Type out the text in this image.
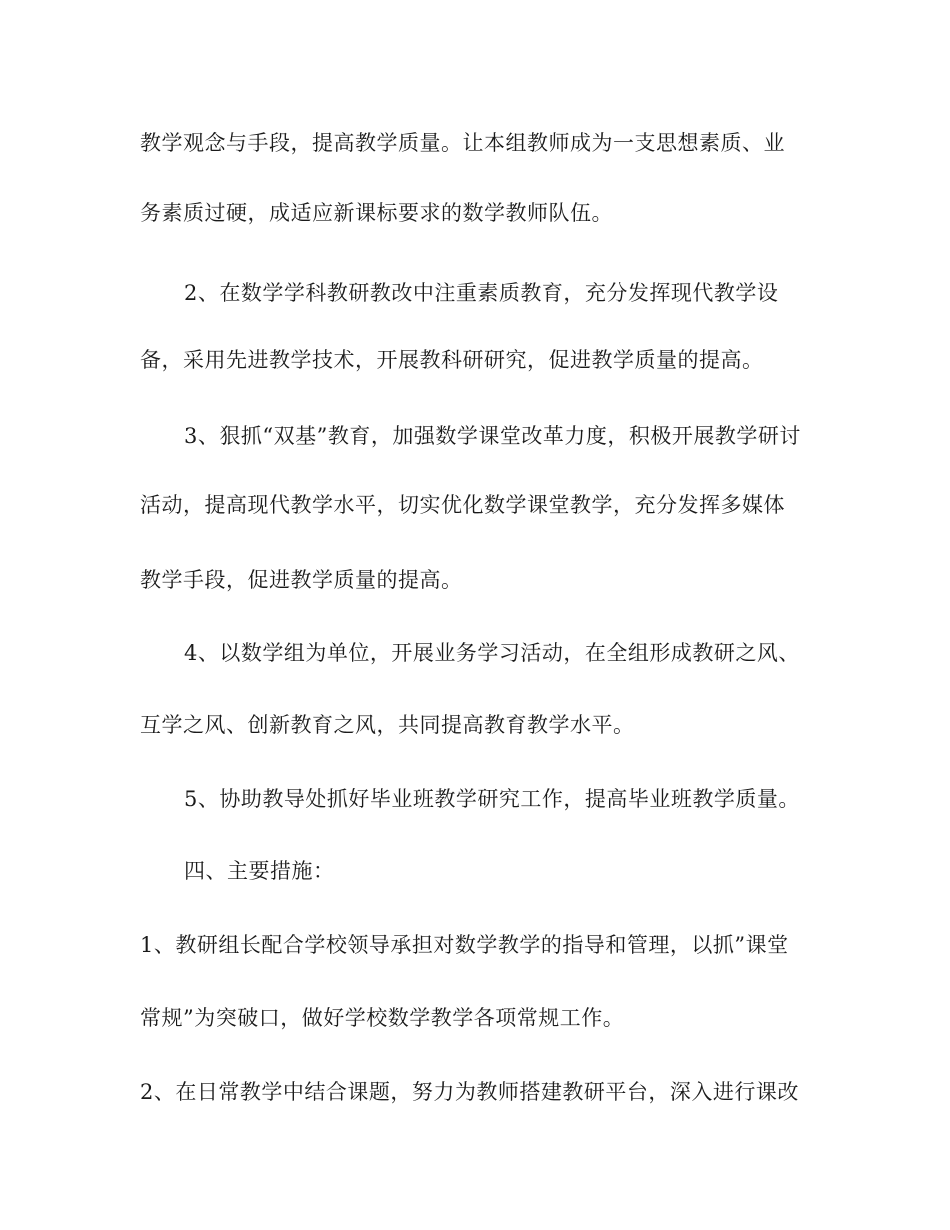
教学观念与手段，提高教学质量。让本组教师成为一支思想素质、业
务素质过硬，成适应新课标要求的数学教师队伍。
2、在数学学科教研教改中注重素质教育，充分发挥现代教学设
备，采用先进教学技术，开展教科研研究，促进教学质量的提高。
3、狠抓“双基”教育，加强数学课堂改革力度，积极开展教学研讨
活动，提高现代教学水平，切实优化数学课堂教学，充分发挥多媒体
教学手段，促进教学质量的提高。
4、以数学组为单位，开展业务学习活动，在全组形成教研之风、
互学之风、创新教育之风，共同提高教育教学水平。
5、协助教导处抓好毕业班教学研究工作，提高毕业班教学质量。
四、主要措施：
1、教研组长配合学校领导承担对数学教学的指导和管理，以抓”课堂
常规”为突破口，做好学校数学教学各项常规工作。
2、在日常教学中结合课题，努力为教师搭建教研平台，深入进行课改
